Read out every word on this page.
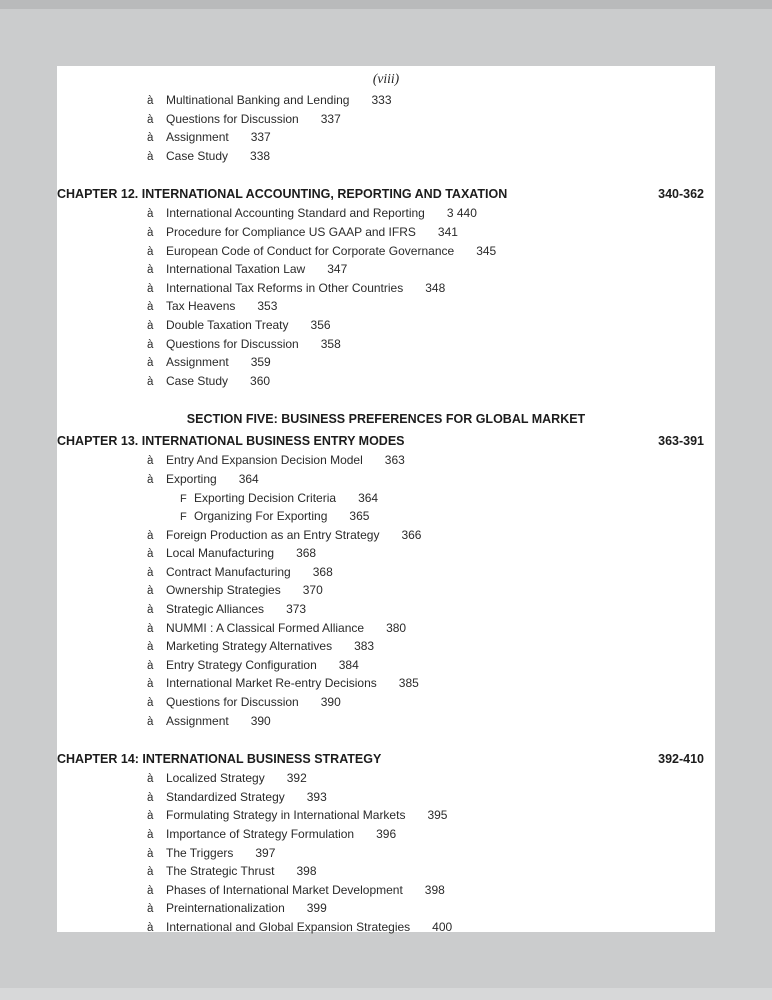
(viii)
à	Multinational Banking and Lending 333
à	Questions for Discussion 337
à	Assignment 337
à	Case Study 338
CHAPTER 12. INTERNATIONAL ACCOUNTING, REPORTING AND TAXATION	340-362
à	International Accounting Standard and Reporting 3 440
à	Procedure for Compliance US GAAP and IFRS 341
à	European Code of Conduct for Corporate Governance 345
à	International Taxation Law 347
à	International Tax Reforms in Other Countries 348
à	Tax Heavens 353
à	Double Taxation Treaty 356
à	Questions for Discussion 358
à	Assignment 359
à	Case Study 360
SECTION FIVE: BUSINESS PREFERENCES FOR GLOBAL MARKET
CHAPTER 13. INTERNATIONAL BUSINESS ENTRY MODES	363-391
à	Entry And Expansion Decision Model 363
à	Exporting 364
F Exporting Decision Criteria 364
F Organizing For Exporting 365
à	Foreign Production as an Entry Strategy 366
à	Local Manufacturing 368
à	Contract Manufacturing 368
à	Ownership Strategies 370
à	Strategic Alliances 373
à	NUMMI : A Classical Formed Alliance 380
à	Marketing Strategy Alternatives 383
à	Entry Strategy Configuration 384
à	International Market Re-entry Decisions 385
à	Questions for Discussion 390
à	Assignment 390
CHAPTER 14: INTERNATIONAL BUSINESS STRATEGY	392-410
à	Localized Strategy 392
à	Standardized Strategy 393
à	Formulating Strategy in International Markets 395
à	Importance of Strategy Formulation 396
à	The Triggers 397
à	The Strategic Thrust 398
à	Phases of International Market Development 398
à	Preinternationalization 399
à	International and Global Expansion Strategies 400
